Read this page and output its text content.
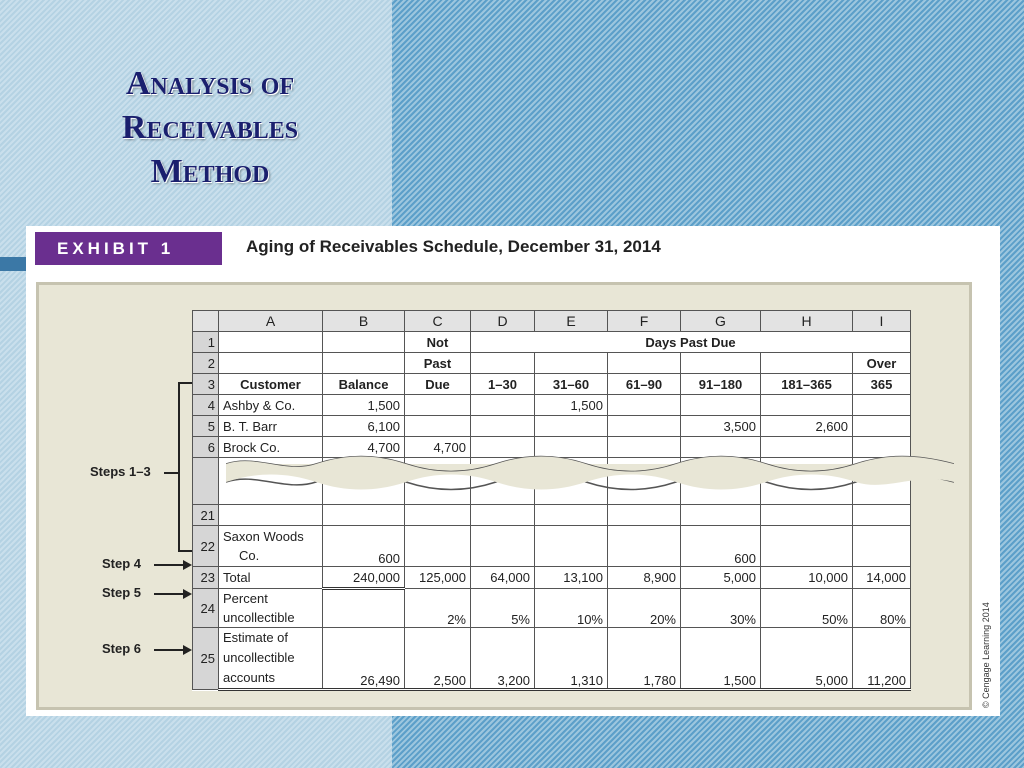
Analysis of
Receivables
Method
EXHIBIT 1	Aging of Receivables Schedule, December 31, 2014
© Cengage Learning 2014
	A	B	C	D	E	F	G	H	I
1			Not	Days Past Due					
2			Past						Over
3	Customer	Balance	Due	1–30	31–60	61–90	91–180	181–365	365
4	Ashby & Co.	1,500			1,500				
5	B. T. Barr	6,100					3,500	2,600	
6	Brock Co.	4,700	4,700						

21									
22	Saxon Woods
Co.	600					600		
23	Total	240,000	125,000	64,000	13,100	8,900	5,000	10,000	14,000
24	Percent
uncollectible		2%	5%	10%	20%	30%	50%	80%
25	Estimate of
uncollectible
accounts	26,490	2,500	3,200	1,310	1,780	1,500	5,000	11,200
Steps 1–3
Step 4
Step 5
Step 6
